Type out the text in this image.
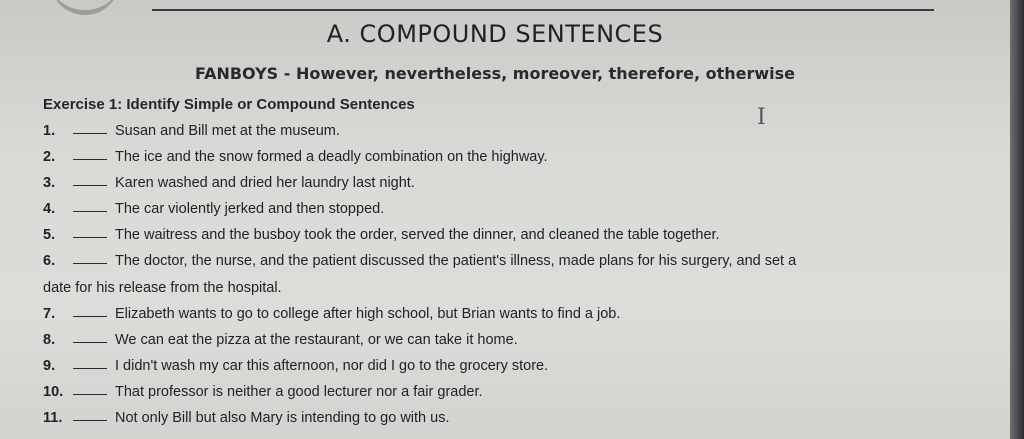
A. COMPOUND SENTENCES
FANBOYS - However, nevertheless, moreover, therefore, otherwise
Exercise 1: Identify Simple or Compound Sentences
I
1.	Susan and Bill met at the museum.
2.	The ice and the snow formed a deadly combination on the highway.
3.	Karen washed and dried her laundry last night.
4.	The car violently jerked and then stopped.
5.	The waitress and the busboy took the order, served the dinner, and cleaned the table together.
6.	The doctor, the nurse, and the patient discussed the patient's illness, made plans for his surgery, and set a
date for his release from the hospital.
7.	Elizabeth wants to go to college after high school, but Brian wants to find a job.
8.	We can eat the pizza at the restaurant, or we can take it home.
9.	I didn't wash my car this afternoon, nor did I go to the grocery store.
10.	That professor is neither a good lecturer nor a fair grader.
11.	Not only Bill but also Mary is intending to go with us.
